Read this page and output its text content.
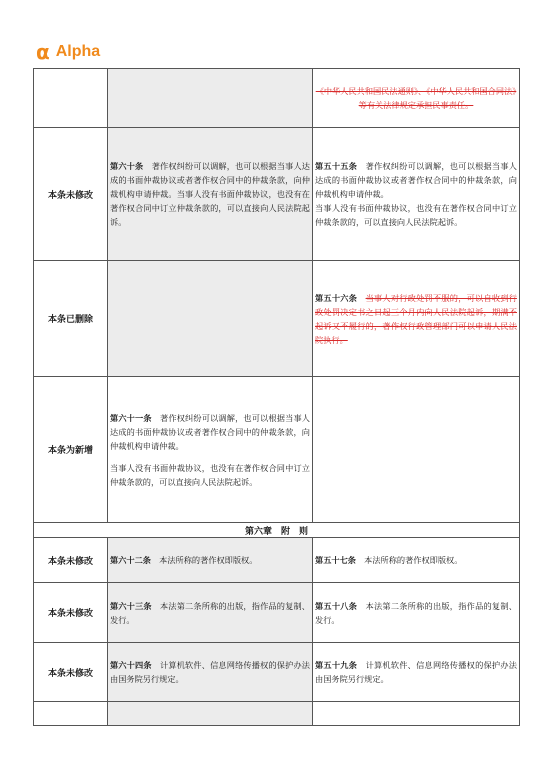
α Alpha

		《中华人民共和国民法通则》、《中华人民共和国合同法》等有关法律规定承担民事责任。

本条未修改	第六十条　 著作权纠纷可以调解，也可以根据当事人达成的书面仲裁协议或者著作权合同中的仲裁条款，向仲裁机构申请仲裁。当事人没有书面仲裁协议，也没有在著作权合同中订立仲裁条款的，可以直接向人民法院起诉。	第五十五条　 著作权纠纷可以调解，也可以根据当事人达成的书面仲裁协议或者著作权合同中的仲裁条款，向仲裁机构申请仲裁。
当事人没有书面仲裁协议，也没有在著作权合同中订立仲裁条款的，可以直接向人民法院起诉。

本条已删除		第五十六条　 当事人对行政处罚不服的，可以自收到行政处罚决定书之日起三个月内向人民法院起诉，期满不起诉又不履行的，著作权行政管理部门可以申请人民法院执行。

本条为新增	第六十一条　 著作权纠纷可以调解，也可以根据当事人达成的书面仲裁协议或者著作权合同中的仲裁条款，向仲裁机构申请仲裁。
当事人没有书面仲裁协议，也没有在著作权合同中订立仲裁条款的，可以直接向人民法院起诉。	

第六章　附　则		
本条未修改	第六十二条　 本法所称的著作权即版权。	第五十七条　 本法所称的著作权即版权。

本条未修改	第六十三条　 本法第二条所称的出版，指作品的复制、发行。	第五十八条　 本法第二条所称的出版，指作品的复制、发行。

本条未修改	第六十四条　 计算机软件、信息网络传播权的保护办法由国务院另行规定。	第五十九条　 计算机软件、信息网络传播权的保护办法由国务院另行规定。
